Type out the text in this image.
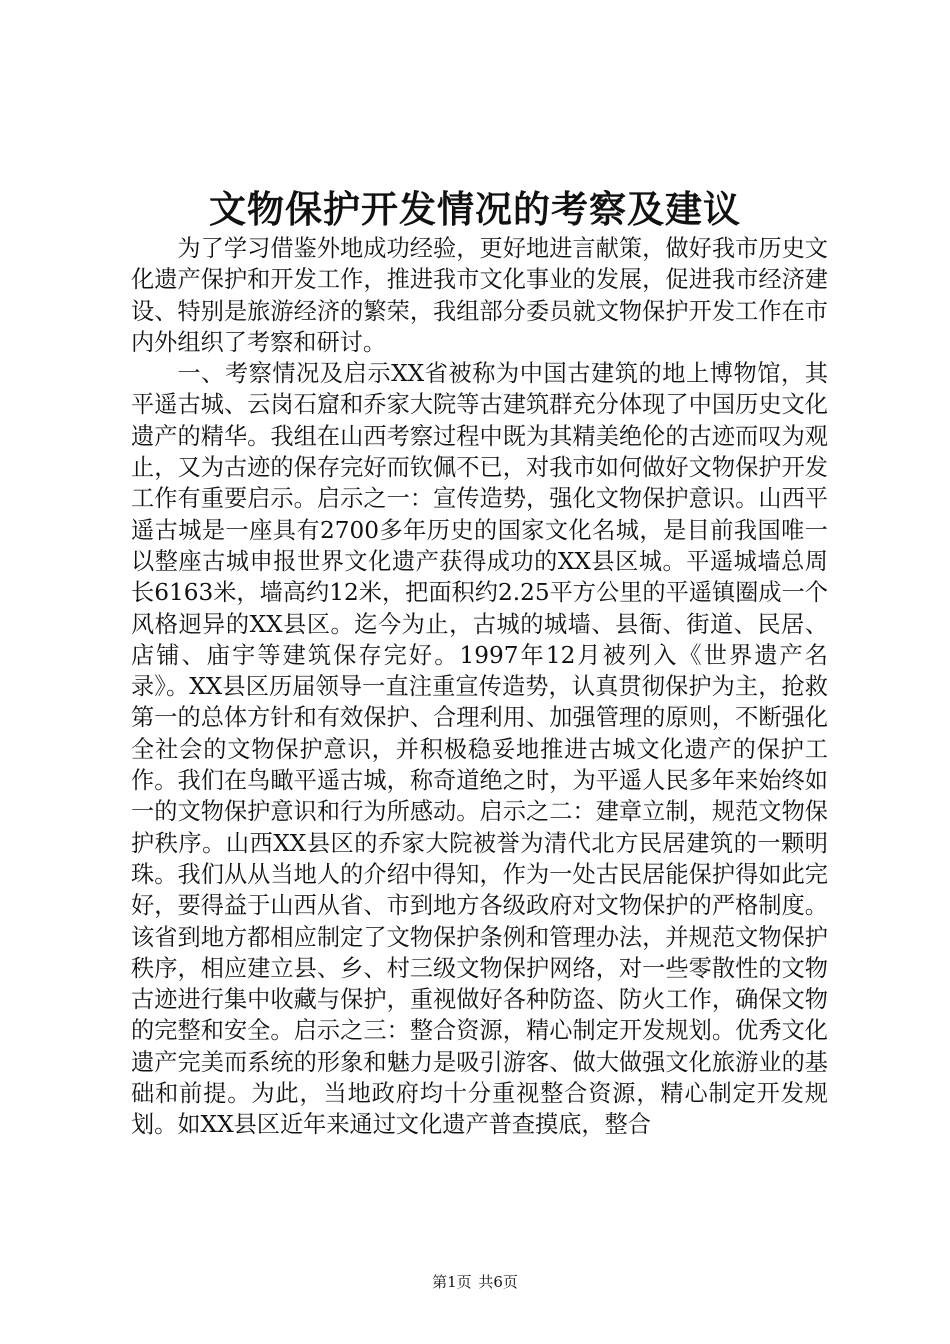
文物保护开发情况的考察及建议

为了学习借鉴外地成功经验，更好地进言献策，做好我市历史文化遗产保护和开发工作，推进我市文化事业的发展，促进我市经济建设、特别是旅游经济的繁荣，我组部分委员就文物保护开发工作在市内外组织了考察和研讨。

一、考察情况及启示XX省被称为中国古建筑的地上博物馆，其平遥古城、云岗石窟和乔家大院等古建筑群充分体现了中国历史文化遗产的精华。我组在山西考察过程中既为其精美绝伦的古迹而叹为观止，又为古迹的保存完好而钦佩不已，对我市如何做好文物保护开发工作有重要启示。启示之一：宣传造势，强化文物保护意识。山西平遥古城是一座具有2700多年历史的国家文化名城，是目前我国唯一以整座古城申报世界文化遗产获得成功的XX县区城。平遥城墙总周长6163米，墙高约12米，把面积约2.25平方公里的平遥镇圈成一个风格迥异的XX县区。迄今为止，古城的城墙、县衙、街道、民居、店铺、庙宇等建筑保存完好。1997年12月被列入《世界遗产名录》。XX县区历届领导一直注重宣传造势，认真贯彻保护为主，抢救第一的总体方针和有效保护、合理利用、加强管理的原则，不断强化全社会的文物保护意识，并积极稳妥地推进古城文化遗产的保护工作。我们在鸟瞰平遥古城，称奇道绝之时，为平遥人民多年来始终如一的文物保护意识和行为所感动。启示之二：建章立制，规范文物保护秩序。山西XX县区的乔家大院被誉为清代北方民居建筑的一颗明珠。我们从从当地人的介绍中得知，作为一处古民居能保护得如此完好，要得益于山西从省、市到地方各级政府对文物保护的严格制度。该省到地方都相应制定了文物保护条例和管理办法，并规范文物保护秩序，相应建立县、乡、村三级文物保护网络，对一些零散性的文物古迹进行集中收藏与保护，重视做好各种防盗、防火工作，确保文物的完整和安全。启示之三：整合资源，精心制定开发规划。优秀文化遗产完美而系统的形象和魅力是吸引游客、做大做强文化旅游业的基础和前提。为此，当地政府均十分重视整合资源，精心制定开发规划。如XX县区近年来通过文化遗产普查摸底，整合

第1页 共6页
